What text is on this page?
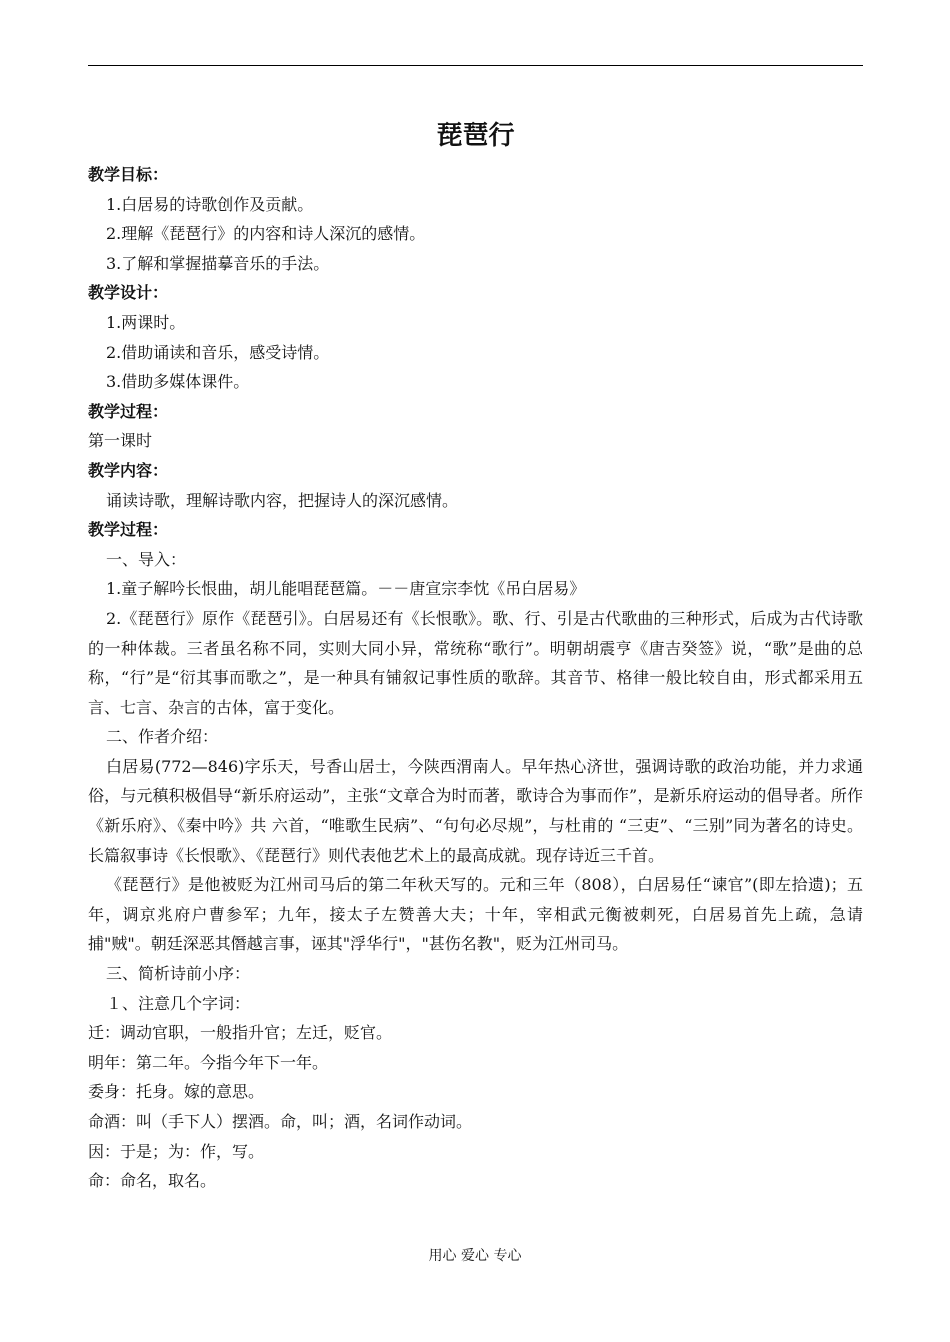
琵琶行

教学目标：

1.白居易的诗歌创作及贡献。

2.理解《琵琶行》的内容和诗人深沉的感情。

3.了解和掌握描摹音乐的手法。

教学设计：

1.两课时。

2.借助诵读和音乐，感受诗情。

3.借助多媒体课件。

教学过程：

第一课时

教学内容：

诵读诗歌，理解诗歌内容，把握诗人的深沉感情。

教学过程：

一、导入：

1.童子解吟长恨曲，胡儿能唱琵琶篇。－－唐宣宗李忱《吊白居易》

2.《琵琶行》原作《琵琶引》。白居易还有《长恨歌》。歌、行、引是古代歌曲的三种形式，后成为古代诗歌的一种体裁。三者虽名称不同，实则大同小异，常统称“歌行”。明朝胡震亨《唐吉癸签》说，“歌”是曲的总称，“行”是“衍其事而歌之”，是一种具有铺叙记事性质的歌辞。其音节、格律一般比较自由，形式都采用五言、七言、杂言的古体，富于变化。

二、作者介绍：

白居易(772—846)字乐天，号香山居士，今陕西渭南人。早年热心济世，强调诗歌的政治功能，并力求通俗，与元稹积极倡导“新乐府运动”，主张“文章合为时而著，歌诗合为事而作”，是新乐府运动的倡导者。所作《新乐府》、《秦中吟》共 六首，“唯歌生民病”、“句句必尽规”，与杜甫的 “三吏”、“三别”同为著名的诗史。长篇叙事诗《长恨歌》、《琵琶行》则代表他艺术上的最高成就。现存诗近三千首。

《琵琶行》是他被贬为江州司马后的第二年秋天写的。元和三年（808），白居易任“谏官”(即左拾遗)；五年，调京兆府户曹参军；九年，接太子左赞善大夫；十年，宰相武元衡被刺死，白居易首先上疏，急请捕"贼"。朝廷深恶其僭越言事，诬其"浮华行"，"甚伤名教"，贬为江州司马。

三、简析诗前小序：

１、注意几个字词：

迁：调动官职，一般指升官；左迁，贬官。

明年：第二年。今指今年下一年。

委身：托身。嫁的意思。

命酒：叫（手下人）摆酒。命，叫；酒，名词作动词。

因：于是；为：作，写。

命：命名，取名。

用心 爱心 专心
